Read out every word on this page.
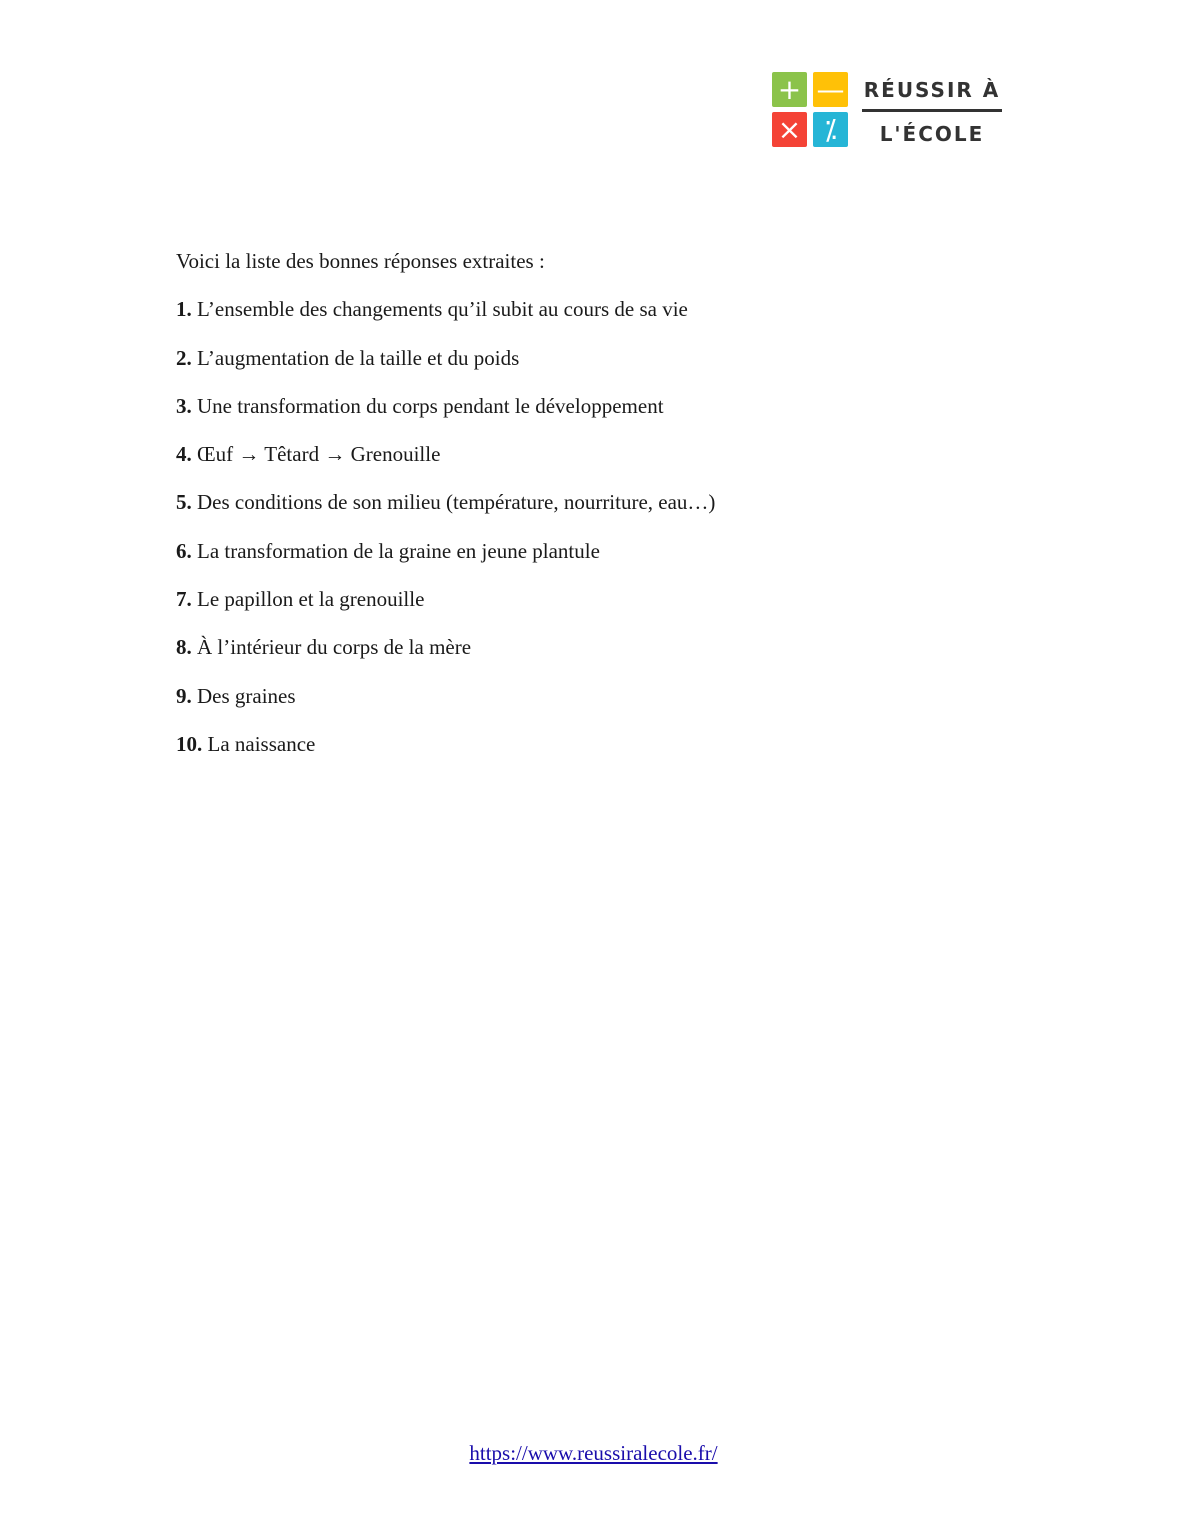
+ —
× ⁒
RÉUSSIR À
L'ÉCOLE
Voici la liste des bonnes réponses extraites :
1. L’ensemble des changements qu’il subit au cours de sa vie
2. L’augmentation de la taille et du poids
3. Une transformation du corps pendant le développement
4. Œuf → Têtard → Grenouille
5. Des conditions de son milieu (température, nourriture, eau…)
6. La transformation de la graine en jeune plantule
7. Le papillon et la grenouille
8. À l’intérieur du corps de la mère
9. Des graines
10. La naissance
https://www.reussiralecole.fr/
